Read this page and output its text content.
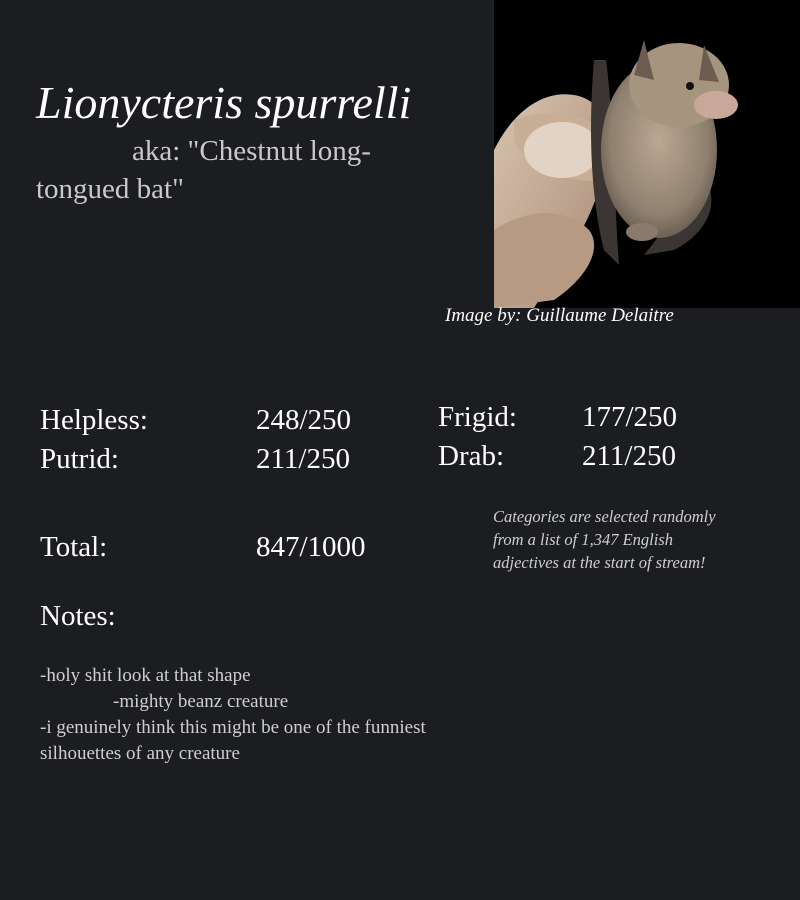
Lionycteris spurrelli
aka: "Chestnut long-tongued bat"
Image by: Guillaume Delaitre
Helpless:	248/250
Putrid:	211/250
Frigid: 177/250
Drab:	211/250
Total:	847/1000
Categories are selected randomly from a list of 1,347 English adjectives at the start of stream!
Notes:
-holy shit look at that shape
-mighty beanz creature
-i genuinely think this might be one of the funniest
silhouettes of any creature
